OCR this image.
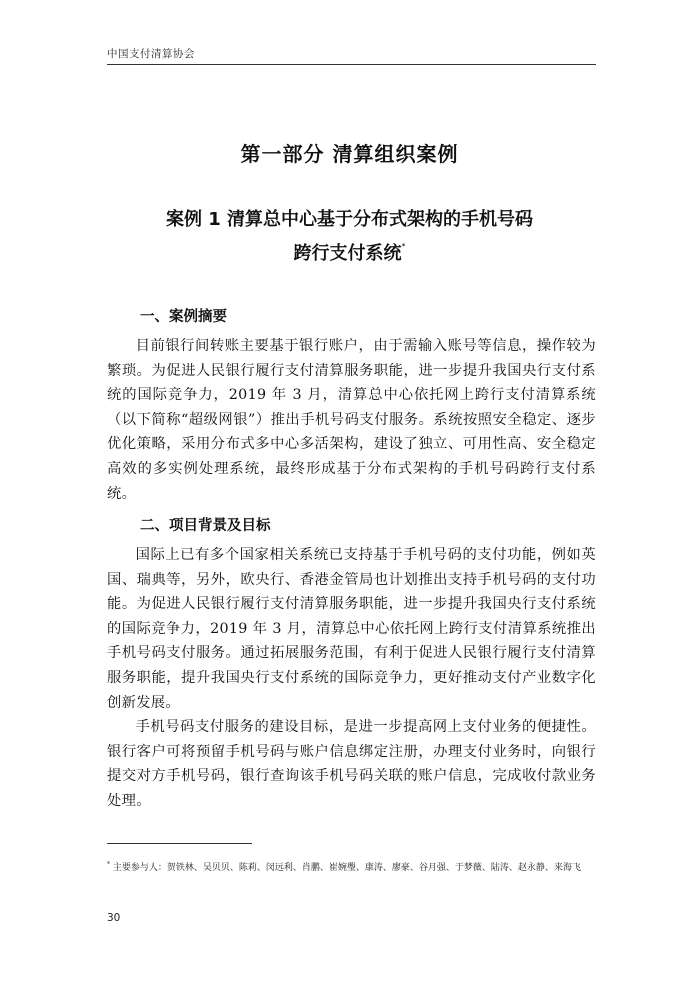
中国支付清算协会
第一部分 清算组织案例
案例 1 清算总中心基于分布式架构的手机号码
跨行支付系统*
一、案例摘要
目前银行间转账主要基于银行账户，由于需输入账号等信息，操作较为繁琐。为促进人民银行履行支付清算服务职能，进一步提升我国央行支付系统的国际竞争力，2019 年 3 月，清算总中心依托网上跨行支付清算系统（以下简称“超级网银”）推出手机号码支付服务。系统按照安全稳定、逐步优化策略，采用分布式多中心多活架构，建设了独立、可用性高、安全稳定高效的多实例处理系统，最终形成基于分布式架构的手机号码跨行支付系统。
二、项目背景及目标
国际上已有多个国家相关系统已支持基于手机号码的支付功能，例如英国、瑞典等，另外，欧央行、香港金管局也计划推出支持手机号码的支付功能。为促进人民银行履行支付清算服务职能，进一步提升我国央行支付系统的国际竞争力，2019 年 3 月，清算总中心依托网上跨行支付清算系统推出手机号码支付服务。通过拓展服务范围，有利于促进人民银行履行支付清算服务职能，提升我国央行支付系统的国际竞争力，更好推动支付产业数字化创新发展。
手机号码支付服务的建设目标，是进一步提高网上支付业务的便捷性。银行客户可将预留手机号码与账户信息绑定注册，办理支付业务时，向银行提交对方手机号码，银行查询该手机号码关联的账户信息，完成收付款业务处理。
* 主要参与人：贺铁林、吴贝贝、陈莉、闵远利、肖鹏、崔婉璺、康涛、廖豪、谷月强、于梦薇、陆涛、赵永静、来海飞
30
